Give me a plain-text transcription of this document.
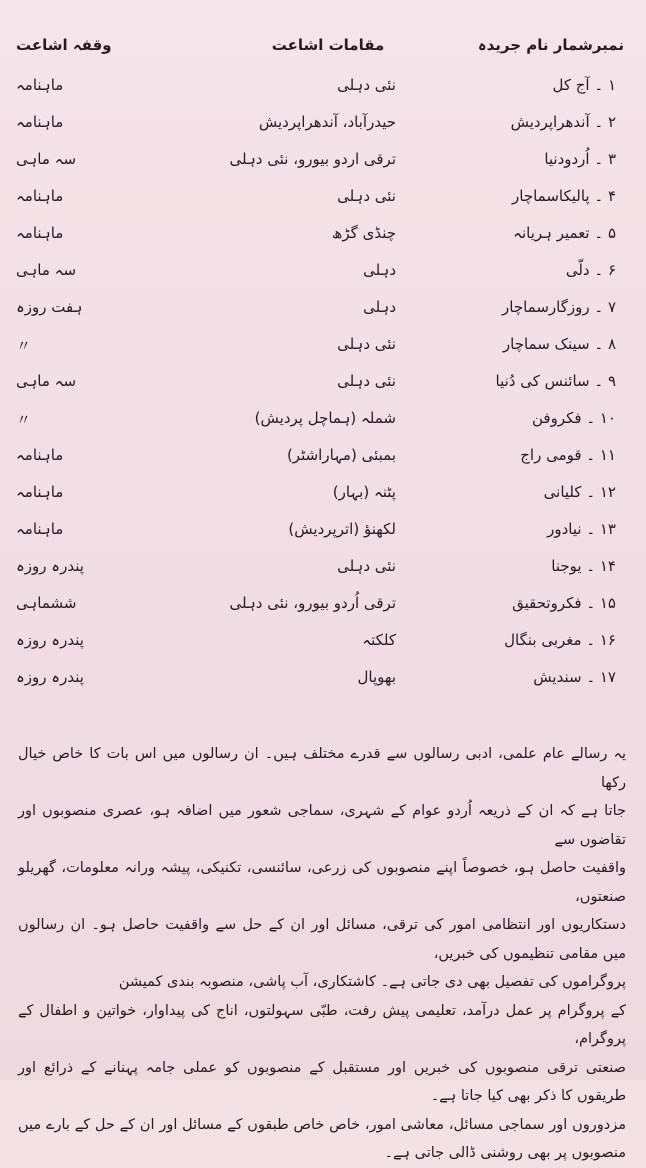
نمبرشمار نام جریدہ
مقامات اشاعت
وقفہ اشاعت
۱ ۔ آج کل
نئی دہلی
ماہنامہ
۲ ۔ آندھراپردیش
حیدرآباد، آندھراپردیش
ماہنامہ
۳ ۔ اُردودنیا
ترقی اردو بیورو، نئی دہلی
سہ ماہی
۴ ۔ پالیکاسماچار
نئی دہلی
ماہنامہ
۵ ۔ تعمیر ہریانہ
چنڈی گڑھ
ماہنامہ
۶ ۔ دلّی
دہلی
سہ ماہی
۷ ۔ روزگارسماچار
دہلی
ہفت روزہ
۸ ۔ سینک سماچار
نئی دہلی
〃
۹ ۔ سائنس کی دُنیا
نئی دہلی
سہ ماہی
۱۰ ۔ فکروفن
شملہ (ہماچل پردیش)
〃
۱۱ ۔ قومی راج
بمبئی (مہاراشٹر)
ماہنامہ
۱۲ ۔ کلیانی
پٹنہ (بہار)
ماہنامہ
۱۳ ۔ نیادور
لکھنؤ (اترپردیش)
ماہنامہ
۱۴ ۔ یوجنا
نئی دہلی
پندرہ روزہ
۱۵ ۔ فکروتحقیق
ترقی اُردو بیورو، نئی دہلی
ششماہی
۱۶ ۔ مغربی بنگال
کلکتہ
پندرہ روزہ
۱۷ ۔ سندیش
بھوپال
پندرہ روزہ

یہ رسالے عام علمی، ادبی رسالوں سے قدرے مختلف ہیں۔ ان رسالوں میں اس بات کا خاص خیال رکھا

جاتا ہے کہ ان کے ذریعہ اُردو عوام کے شہری، سماجی شعور میں اضافہ ہو، عصری منصوبوں اور تقاضوں سے

واقفیت حاصل ہو، خصوصاً اپنے منصوبوں کی زرعی، سائنسی، تکنیکی، پیشہ ورانہ معلومات، گھریلو صنعتوں،

دستکاریوں اور انتظامی امور کی ترقی، مسائل اور ان کے حل سے واقفیت حاصل ہو۔ ان رسالوں میں مقامی تنظیموں کی خبریں،

پروگراموں کی تفصیل بھی دی جاتی ہے۔ کاشتکاری، آب پاشی، منصوبہ بندی کمیشن

کے پروگرام پر عمل درآمد، تعلیمی پیش رفت، طبّی سہولتوں، اناج کی پیداوار، خواتین و اطفال کے پروگرام،

صنعتی ترقی منصوبوں کی خبریں اور مستقبل کے منصوبوں کو عملی جامہ پہنانے کے ذرائع اور طریقوں کا ذکر بھی کیا جاتا ہے۔

مزدوروں اور سماجی مسائل، معاشی امور، خاص خاص طبقوں کے مسائل اور ان کے حل کے بارے میں منصوبوں پر بھی روشنی ڈالی جاتی ہے۔
